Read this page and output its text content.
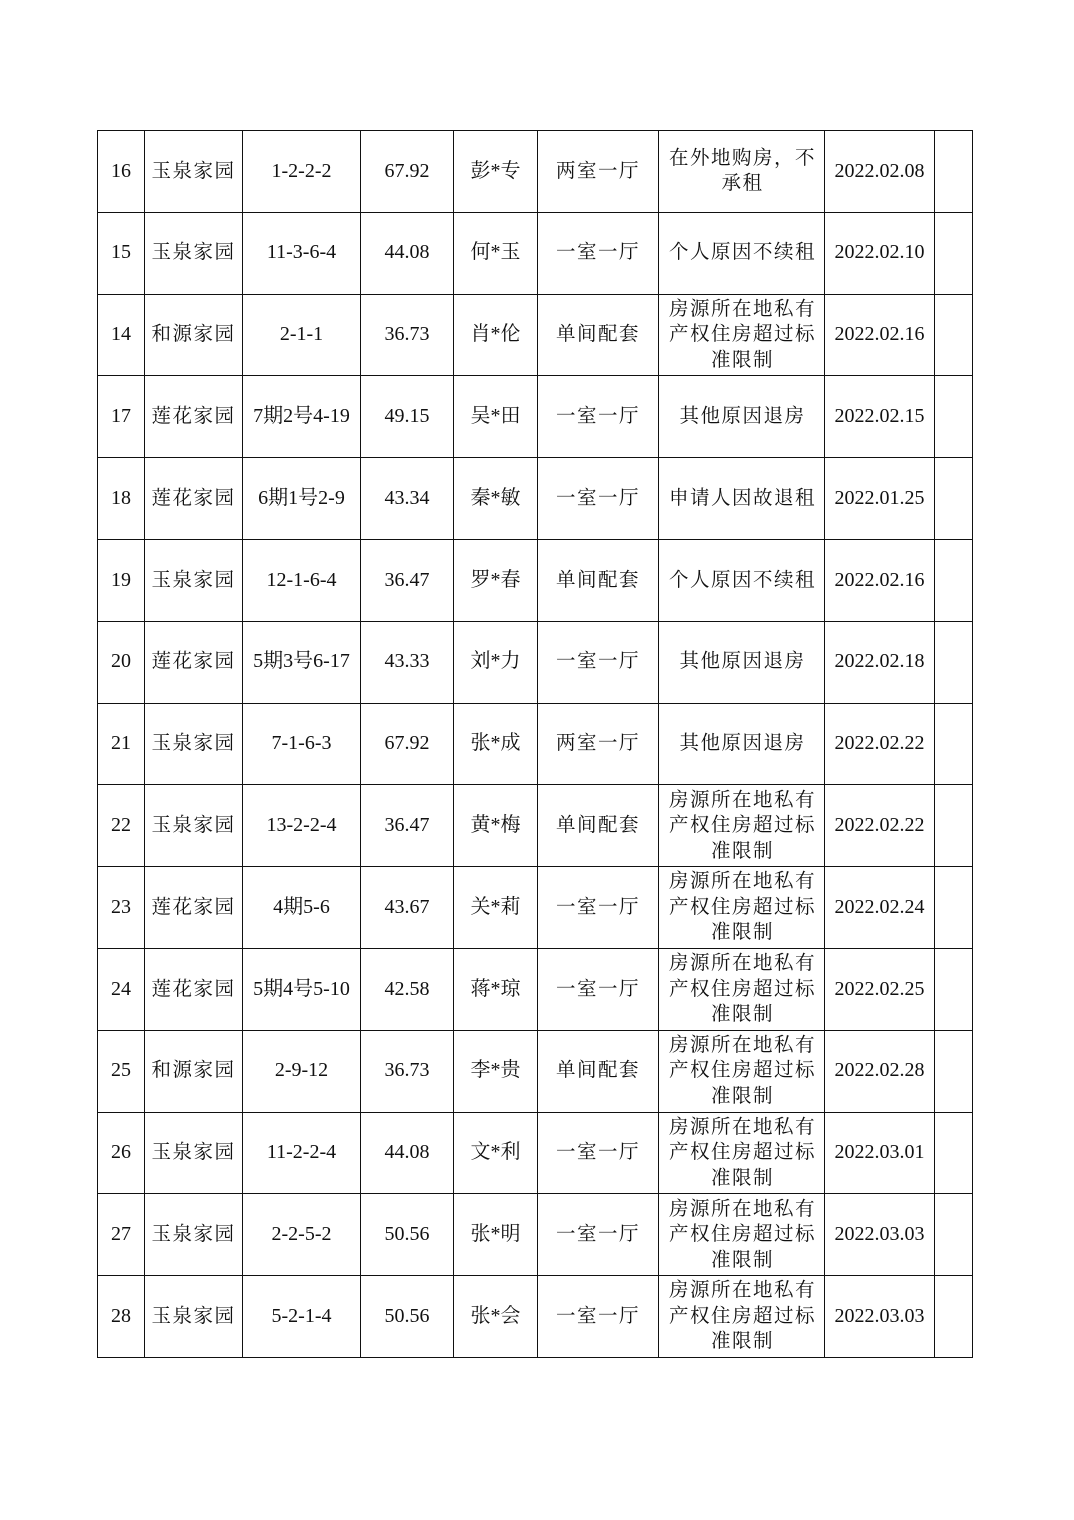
16	玉泉家园	1-2-2-2	67.92	彭*专	两室一厅	在外地购房，不承租	2022.02.08	
15	玉泉家园	11-3-6-4	44.08	何*玉	一室一厅	个人原因不续租	2022.02.10	
14	和源家园	2-1-1	36.73	肖*伦	单间配套	房源所在地私有产权住房超过标准限制	2022.02.16	
17	莲花家园	7期2号4-19	49.15	吴*田	一室一厅	其他原因退房	2022.02.15	
18	莲花家园	6期1号2-9	43.34	秦*敏	一室一厅	申请人因故退租	2022.01.25	
19	玉泉家园	12-1-6-4	36.47	罗*春	单间配套	个人原因不续租	2022.02.16	
20	莲花家园	5期3号6-17	43.33	刘*力	一室一厅	其他原因退房	2022.02.18	
21	玉泉家园	7-1-6-3	67.92	张*成	两室一厅	其他原因退房	2022.02.22	
22	玉泉家园	13-2-2-4	36.47	黄*梅	单间配套	房源所在地私有产权住房超过标准限制	2022.02.22	
23	莲花家园	4期5-6	43.67	关*莉	一室一厅	房源所在地私有产权住房超过标准限制	2022.02.24	
24	莲花家园	5期4号5-10	42.58	蒋*琼	一室一厅	房源所在地私有产权住房超过标准限制	2022.02.25	
25	和源家园	2-9-12	36.73	李*贵	单间配套	房源所在地私有产权住房超过标准限制	2022.02.28	
26	玉泉家园	11-2-2-4	44.08	文*利	一室一厅	房源所在地私有产权住房超过标准限制	2022.03.01	
27	玉泉家园	2-2-5-2	50.56	张*明	一室一厅	房源所在地私有产权住房超过标准限制	2022.03.03	
28	玉泉家园	5-2-1-4	50.56	张*会	一室一厅	房源所在地私有产权住房超过标准限制	2022.03.03	
